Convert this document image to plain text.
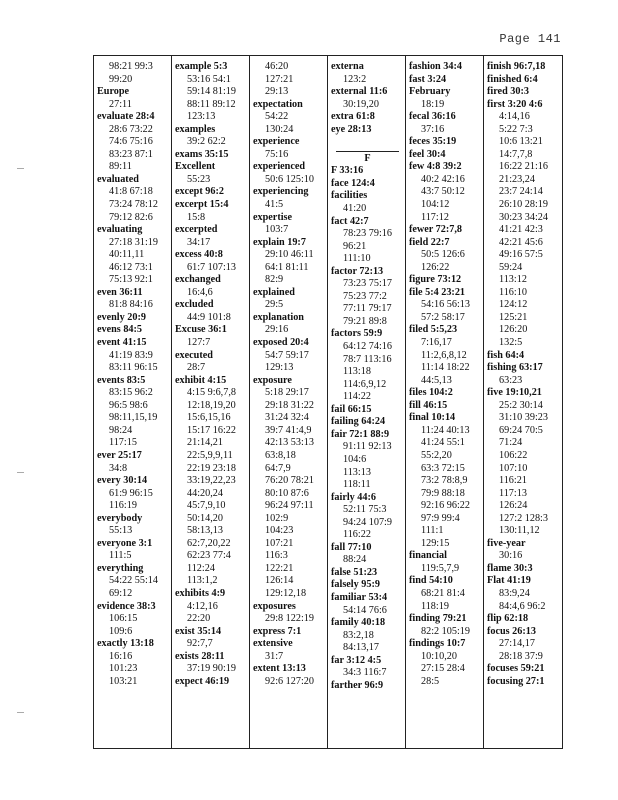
Page 141
98:21 99:3
99:20
Europe
27:11
evaluate 28:4
28:6 73:22
74:6 75:16
83:23 87:1
89:11
evaluated
41:8 67:18
73:24 78:12
79:12 82:6
evaluating
27:18 31:19
40:11,11
46:12 73:1
75:13 92:1
even 36:11
81:8 84:16
evenly 20:9
evens 84:5
event 41:15
41:19 83:9
83:11 96:15
events 83:5
83:15 96:2
96:5 98:6
98:11,15,19
98:24
117:15
ever 25:17
34:8
every 30:14
61:9 96:15
116:19
everybody
55:13
everyone 3:1
111:5
everything
54:22 55:14
69:12
evidence 38:3
106:15
109:6
exactly 13:18
16:16
101:23
103:21
example 5:3
53:16 54:1
59:14 81:19
88:11 89:12
123:13
examples
39:2 62:2
exams 35:15
Excellent
55:23
except 96:2
excerpt 15:4
15:8
excerpted
34:17
excess 40:8
61:7 107:13
exchanged
16:4,6
excluded
44:9 101:8
Excuse 36:1
127:7
executed
28:7
exhibit 4:15
4:15 9:6,7,8
12:18,19,20
15:6,15,16
15:17 16:22
21:14,21
22:5,9,9,11
22:19 23:18
33:19,22,23
44:20,24
45:7,9,10
50:14,20
58:13,13
62:7,20,22
62:23 77:4
112:24
113:1,2
exhibits 4:9
4:12,16
22:20
exist 35:14
92:7,7
exists 28:11
37:19 90:19
expect 46:19
46:20
127:21
29:13
expectation
54:22
130:24
experience
75:16
experienced
50:6 125:10
experiencing
41:5
expertise
103:7
explain 19:7
29:10 46:11
64:1 81:11
82:9
explained
29:5
explanation
29:16
exposed 20:4
54:7 59:17
129:13
exposure
5:18 29:17
29:18 31:22
31:24 32:4
39:7 41:4,9
42:13 53:13
63:8,18
64:7,9
76:20 78:21
80:10 87:6
96:24 97:11
102:9
104:23
107:21
116:3
122:21
126:14
129:12,18
exposures
29:8 122:19
express 7:1
extensive
31:7
extent 13:13
92:6 127:20
externa
123:2
external 11:6
30:19,20
extra 61:8
eye 28:13
F
F 33:16
face 124:4
facilities
41:20
fact 42:7
78:23 79:16
96:21
111:10
factor 72:13
73:23 75:17
75:23 77:2
77:11 79:17
79:21 89:8
factors 59:9
64:12 74:16
78:7 113:16
113:18
114:6,9,12
114:22
fail 66:15
failing 64:24
fair 72:1 88:9
91:11 92:13
104:6
113:13
118:11
fairly 44:6
52:11 75:3
94:24 107:9
116:22
fall 77:10
88:24
false 51:23
falsely 95:9
familiar 53:4
54:14 76:6
family 40:18
83:2,18
84:13,17
far 3:12 4:5
34:3 116:7
farther 96:9
fashion 34:4
fast 3:24
February
18:19
fecal 36:16
37:16
feces 35:19
feel 30:4
few 4:8 39:2
40:2 42:16
43:7 50:12
104:12
117:12
fewer 72:7,8
field 22:7
50:5 126:6
126:22
figure 73:12
file 5:4 23:21
54:16 56:13
57:2 58:17
filed 5:5,23
7:16,17
11:2,6,8,12
11:14 18:22
44:5,13
files 104:2
fill 46:15
final 10:14
11:24 40:13
41:24 55:1
55:2,20
63:3 72:15
73:2 78:8,9
79:9 88:18
92:16 96:22
97:9 99:4
111:1
129:15
financial
119:5,7,9
find 54:10
68:21 81:4
118:19
finding 79:21
82:2 105:19
findings 10:7
10:10,20
27:15 28:4
28:5
finish 96:7,18
finished 6:4
fired 30:3
first 3:20 4:6
4:14,16
5:22 7:3
10:6 13:21
14:7,7,8
16:22 21:16
21:23,24
23:7 24:14
26:10 28:19
30:23 34:24
41:21 42:3
42:21 45:6
49:16 57:5
59:24
113:12
116:10
124:12
125:21
126:20
132:5
fish 64:4
fishing 63:17
63:23
five 19:10,21
25:2 30:14
31:10 39:23
69:24 70:5
71:24
106:22
107:10
116:21
117:13
126:24
127:2 128:3
130:11,12
five-year
30:16
flame 30:3
Flat 41:19
83:9,24
84:4,6 96:2
flip 62:18
focus 26:13
27:14,17
28:18 37:9
focuses 59:21
focusing 27:1
